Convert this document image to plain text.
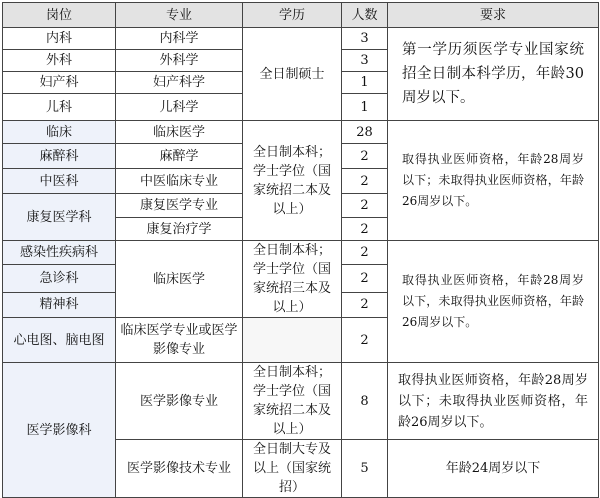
岗位	专业	学历	人数	要求
内科	内科学	全日制硕士	3	第一学历须医学专业国家统招全日制本科学历，年龄30周岁以下。
外科	外科学		3	
妇产科	妇产科学		1	
儿科	儿科学		1	
临床	临床医学	全日制本科；学士学位（国家统招二本及以上）	28	取得执业医师资格，年龄28周岁以下；未取得执业医师资格，年龄26周岁以下。
麻醉科	麻醉学		2	
中医科	中医临床专业		2	
康复医学科	康复医学专业		2	
	康复治疗学		2	
感染性疾病科	临床医学	全日制本科；学士学位（国家统招三本及以上）	2	取得执业医师资格，年龄28周岁以下，未取得执业医师资格，年龄26周岁以下。
急诊科			2	
精神科			2	
心电图、脑电图	临床医学专业或医学影像专业		2	
医学影像科	医学影像专业	全日制本科；学士学位（国家统招二本及以上）	8	取得执业医师资格，年龄28周岁以下；未取得执业医师资格，年龄26周岁以下。
	医学影像技术专业	全日制大专及以上（国家统招）	5	年龄24周岁以下
